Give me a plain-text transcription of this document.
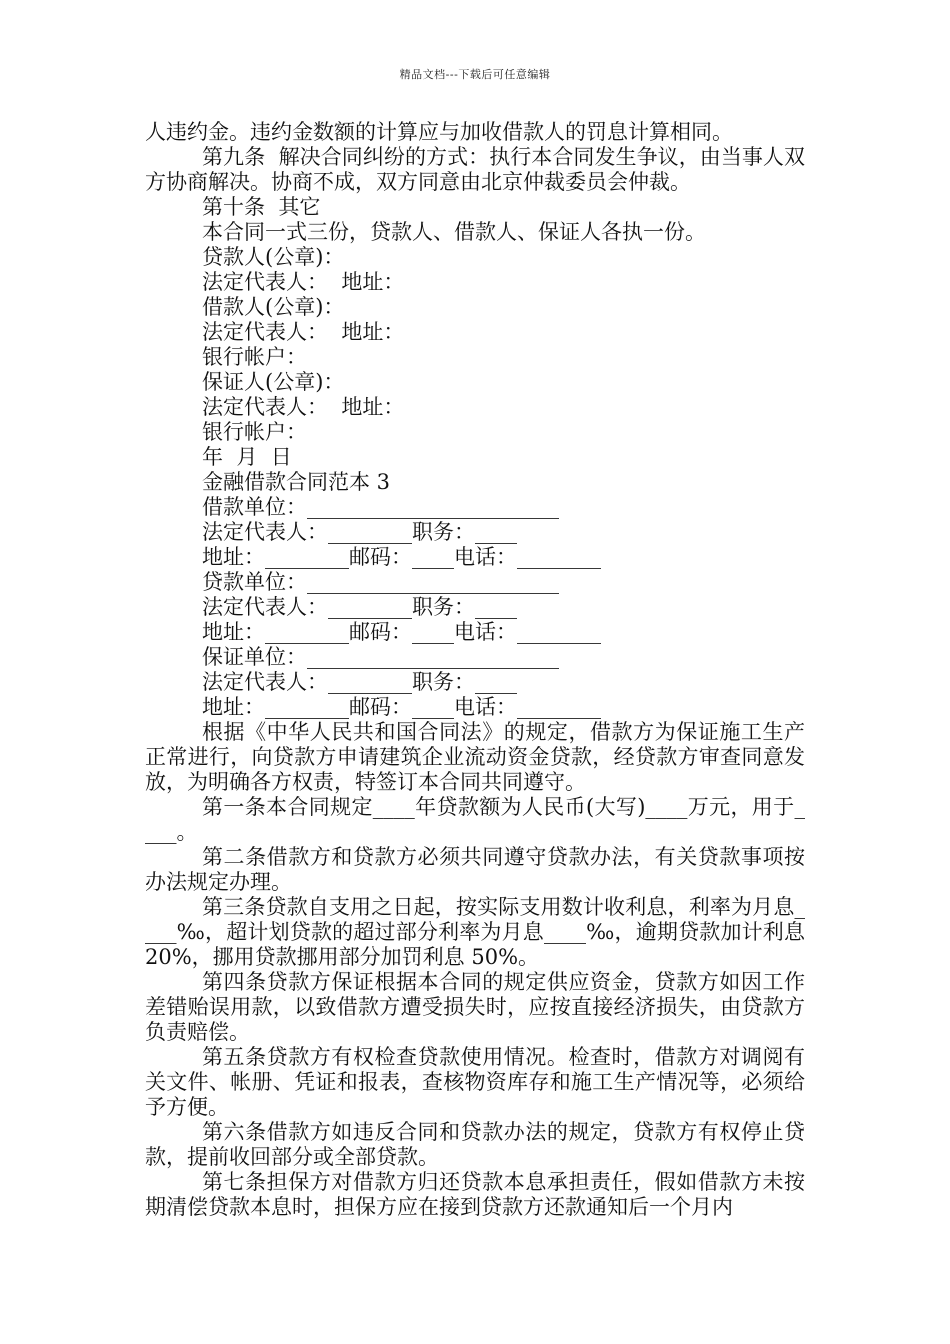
精品文档---下载后可任意编辑

人违约金。违约金数额的计算应与加收借款人的罚息计算相同。

第九条  解决合同纠纷的方式：执行本合同发生争议，由当事人双方协商解决。协商不成，双方同意由北京仲裁委员会仲裁。

第十条  其它

本合同一式三份，贷款人、借款人、保证人各执一份。

贷款人(公章)：

法定代表人：  地址：

借款人(公章)：

法定代表人：  地址：

银行帐户：

保证人(公章)：

法定代表人：  地址：

银行帐户：

年  月  日

金融借款合同范本 3

借款单位：________________________

法定代表人：________职务：____

地址：________邮码：____电话：________

贷款单位：________________________

法定代表人：________职务：____

地址：________邮码：____电话：________

保证单位：________________________

法定代表人：________职务：____

地址：________邮码：____电话：________

根据《中华人民共和国合同法》的规定，借款方为保证施工生产正常进行，向贷款方申请建筑企业流动资金贷款，经贷款方审查同意发放，为明确各方权责，特签订本合同共同遵守。

第一条本合同规定____年贷款额为人民币(大写)____万元，用于____。

第二条借款方和贷款方必须共同遵守贷款办法，有关贷款事项按办法规定办理。

第三条贷款自支用之日起，按实际支用数计收利息，利率为月息____‰，超计划贷款的超过部分利率为月息____‰，逾期贷款加计利息 20%，挪用贷款挪用部分加罚利息 50%。

第四条贷款方保证根据本合同的规定供应资金，贷款方如因工作差错贻误用款，以致借款方遭受损失时，应按直接经济损失，由贷款方负责赔偿。

第五条贷款方有权检查贷款使用情况。检查时，借款方对调阅有关文件、帐册、凭证和报表，查核物资库存和施工生产情况等，必须给予方便。

第六条借款方如违反合同和贷款办法的规定，贷款方有权停止贷款，提前收回部分或全部贷款。

第七条担保方对借款方归还贷款本息承担责任，假如借款方未按期清偿贷款本息时，担保方应在接到贷款方还款通知后一个月内
